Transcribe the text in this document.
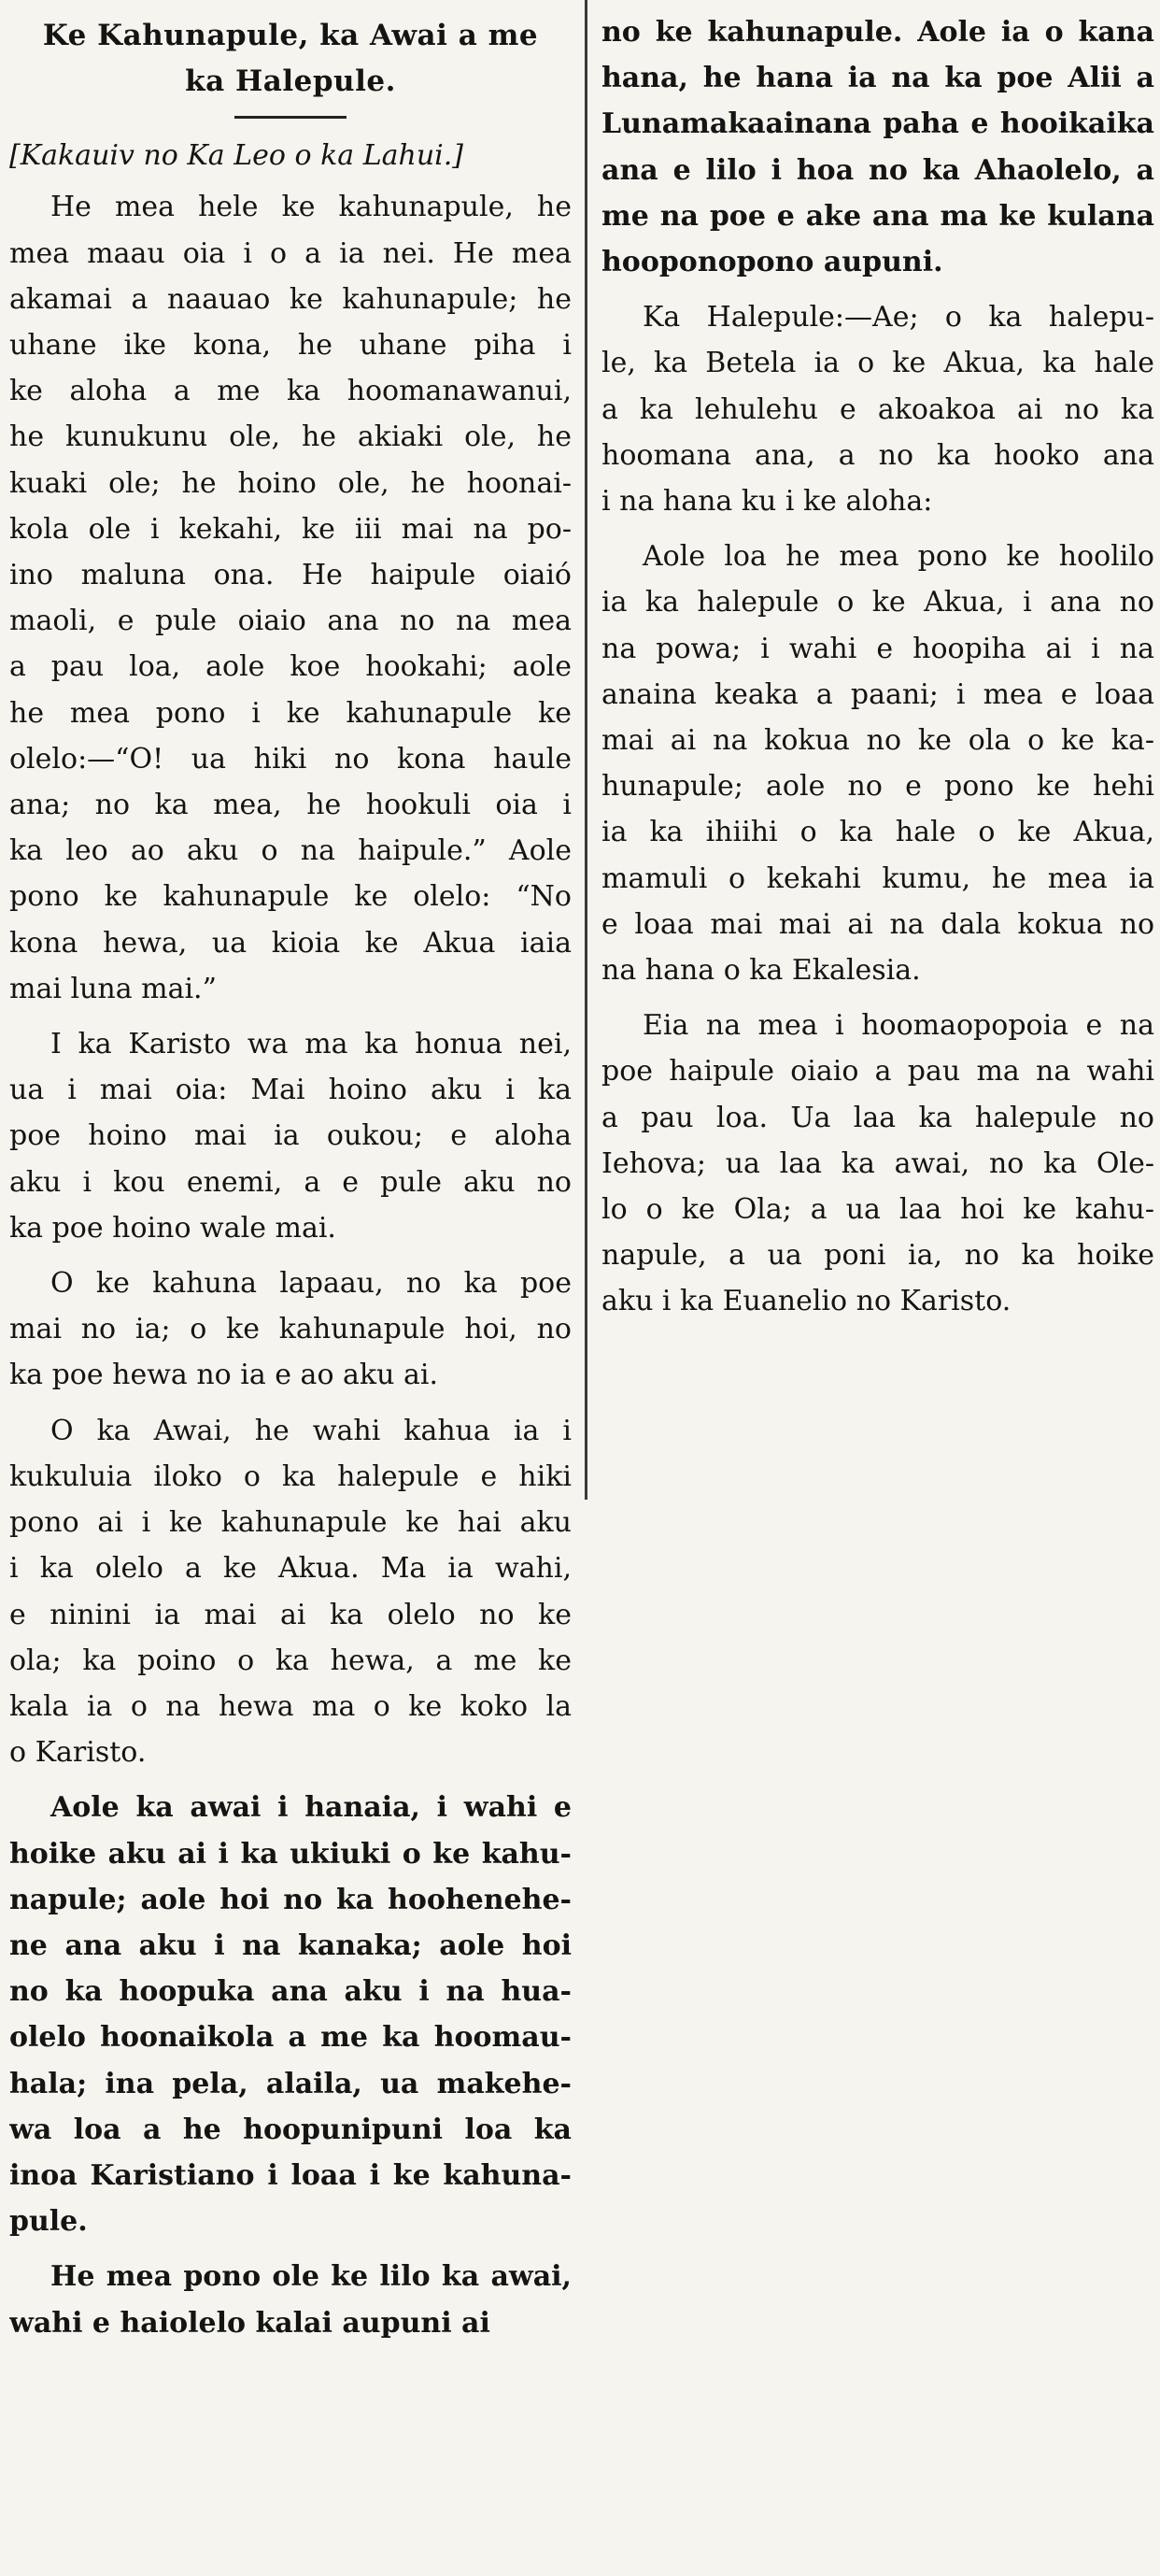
Ke Kahunapule, ka Awai a me
ka Halepule.
[Kakauiv no Ka Leo o ka Lahui.]
He mea hele ke kahunapule, he
mea maau oia i o a ia nei. He mea
akamai a naauao ke kahunapule; he
uhane ike kona, he uhane piha i
ke aloha a me ka hoomanawanui,
he kunukunu ole, he akiaki ole, he
kuaki ole; he hoino ole, he hoonai-
kola ole i kekahi, ke iii mai na po-
ino maluna ona. He haipule oiaió
maoli, e pule oiaio ana no na mea
a pau loa, aole koe hookahi; aole
he mea pono i ke kahunapule ke
olelo:—“O! ua hiki no kona haule
ana; no ka mea, he hookuli oia i
ka leo ao aku o na haipule.” Aole
pono ke kahunapule ke olelo: “No
kona hewa, ua kioia ke Akua iaia
mai luna mai.”
I ka Karisto wa ma ka honua nei,
ua i mai oia: Mai hoino aku i ka
poe hoino mai ia oukou; e aloha
aku i kou enemi, a e pule aku no
ka poe hoino wale mai.
O ke kahuna lapaau, no ka poe
mai no ia; o ke kahunapule hoi, no
ka poe hewa no ia e ao aku ai.
O ka Awai, he wahi kahua ia i
kukuluia iloko o ka halepule e hiki
pono ai i ke kahunapule ke hai aku
i ka olelo a ke Akua. Ma ia wahi,
e ninini ia mai ai ka olelo no ke
ola; ka poino o ka hewa, a me ke
kala ia o na hewa ma o ke koko la
o Karisto.
Aole ka awai i hanaia, i wahi e
hoike aku ai i ka ukiuki o ke kahu-
napule; aole hoi no ka hoohenehe-
ne ana aku i na kanaka; aole hoi
no ka hoopuka ana aku i na hua-
olelo hoonaikola a me ka hoomau-
hala; ina pela, alaila, ua makehe-
wa loa a he hoopunipuni loa ka
inoa Karistiano i loaa i ke kahuna-
pule.
He mea pono ole ke lilo ka awai,
wahi e haiolelo kalai aupuni ai
no ke kahunapule. Aole ia o kana
hana, he hana ia na ka poe Alii a
Lunamakaainana paha e hooikaika
ana e lilo i hoa no ka Ahaolelo, a
me na poe e ake ana ma ke kulana
hooponopono aupuni.
Ka Halepule:—Ae; o ka halepu-
le, ka Betela ia o ke Akua, ka hale
a ka lehulehu e akoakoa ai no ka
hoomana ana, a no ka hooko ana
i na hana ku i ke aloha:
Aole loa he mea pono ke hoolilo
ia ka halepule o ke Akua, i ana no
na powa; i wahi e hoopiha ai i na
anaina keaka a paani; i mea e loaa
mai ai na kokua no ke ola o ke ka-
hunapule; aole no e pono ke hehi
ia ka ihiihi o ka hale o ke Akua,
mamuli o kekahi kumu, he mea ia
e loaa mai mai ai na dala kokua no
na hana o ka Ekalesia.
Eia na mea i hoomaopopoia e na
poe haipule oiaio a pau ma na wahi
a pau loa. Ua laa ka halepule no
Iehova; ua laa ka awai, no ka Ole-
lo o ke Ola; a ua laa hoi ke kahu-
napule, a ua poni ia, no ka hoike
aku i ka Euanelio no Karisto.
